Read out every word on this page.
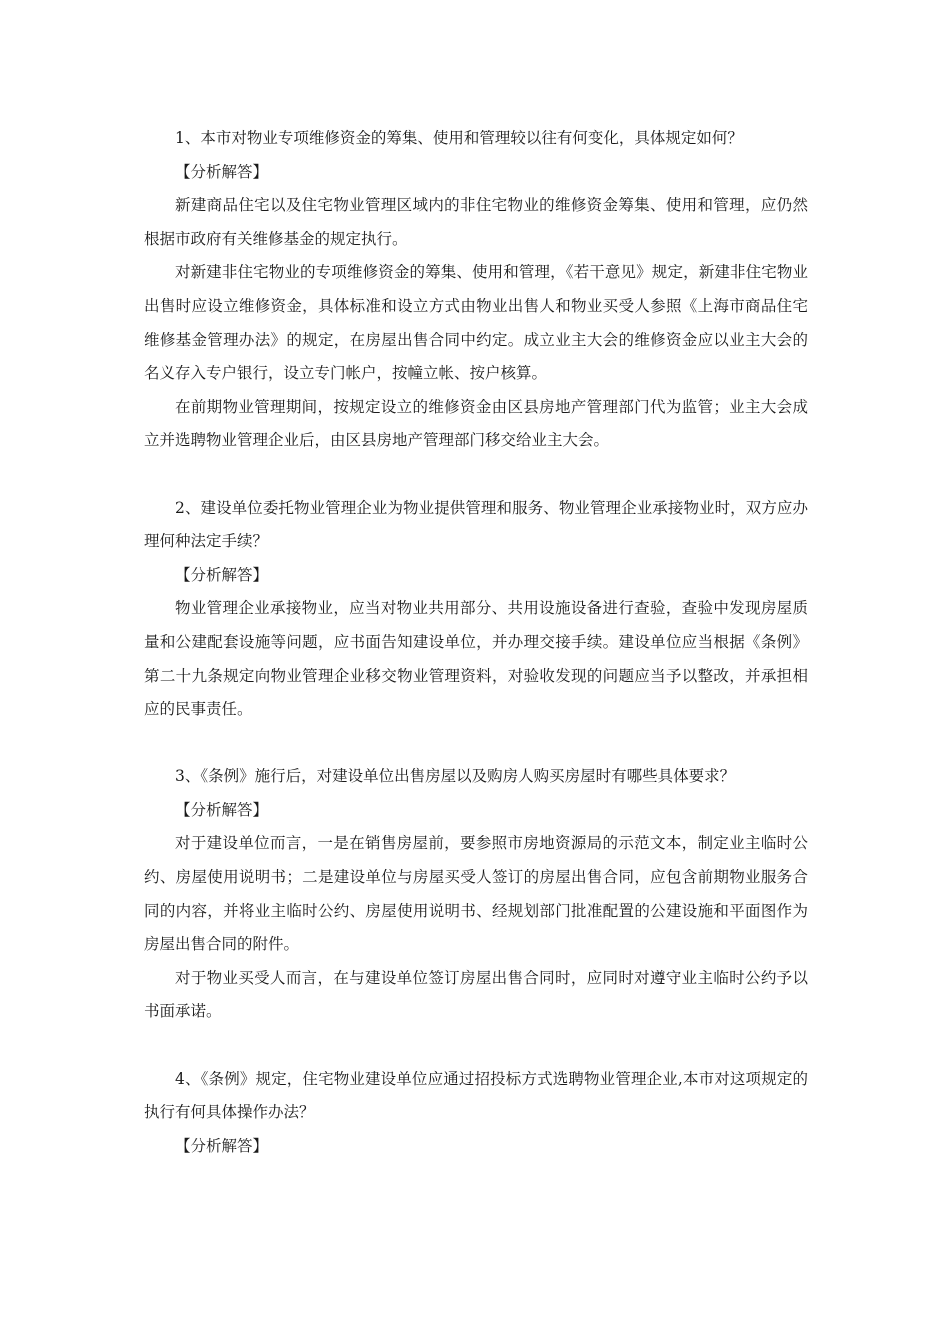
1、本市对物业专项维修资金的筹集、使用和管理较以往有何变化，具体规定如何？

【分析解答】

新建商品住宅以及住宅物业管理区域内的非住宅物业的维修资金筹集、使用和管理，应仍然根据市政府有关维修基金的规定执行。

对新建非住宅物业的专项维修资金的筹集、使用和管理，《若干意见》规定，新建非住宅物业出售时应设立维修资金，具体标准和设立方式由物业出售人和物业买受人参照《上海市商品住宅维修基金管理办法》的规定，在房屋出售合同中约定。成立业主大会的维修资金应以业主大会的名义存入专户银行，设立专门帐户，按幢立帐、按户核算。

在前期物业管理期间，按规定设立的维修资金由区县房地产管理部门代为监管；业主大会成立并选聘物业管理企业后，由区县房地产管理部门移交给业主大会。

2、建设单位委托物业管理企业为物业提供管理和服务、物业管理企业承接物业时，双方应办理何种法定手续？

【分析解答】

物业管理企业承接物业，应当对物业共用部分、共用设施设备进行查验，查验中发现房屋质量和公建配套设施等问题，应书面告知建设单位，并办理交接手续。建设单位应当根据《条例》第二十九条规定向物业管理企业移交物业管理资料，对验收发现的问题应当予以整改，并承担相应的民事责任。

3、《条例》施行后，对建设单位出售房屋以及购房人购买房屋时有哪些具体要求？

【分析解答】

对于建设单位而言，一是在销售房屋前，要参照市房地资源局的示范文本，制定业主临时公约、房屋使用说明书；二是建设单位与房屋买受人签订的房屋出售合同，应包含前期物业服务合同的内容，并将业主临时公约、房屋使用说明书、经规划部门批准配置的公建设施和平面图作为房屋出售合同的附件。

对于物业买受人而言，在与建设单位签订房屋出售合同时，应同时对遵守业主临时公约予以书面承诺。

4、《条例》规定，住宅物业建设单位应通过招投标方式选聘物业管理企业,本市对这项规定的执行有何具体操作办法？

【分析解答】
